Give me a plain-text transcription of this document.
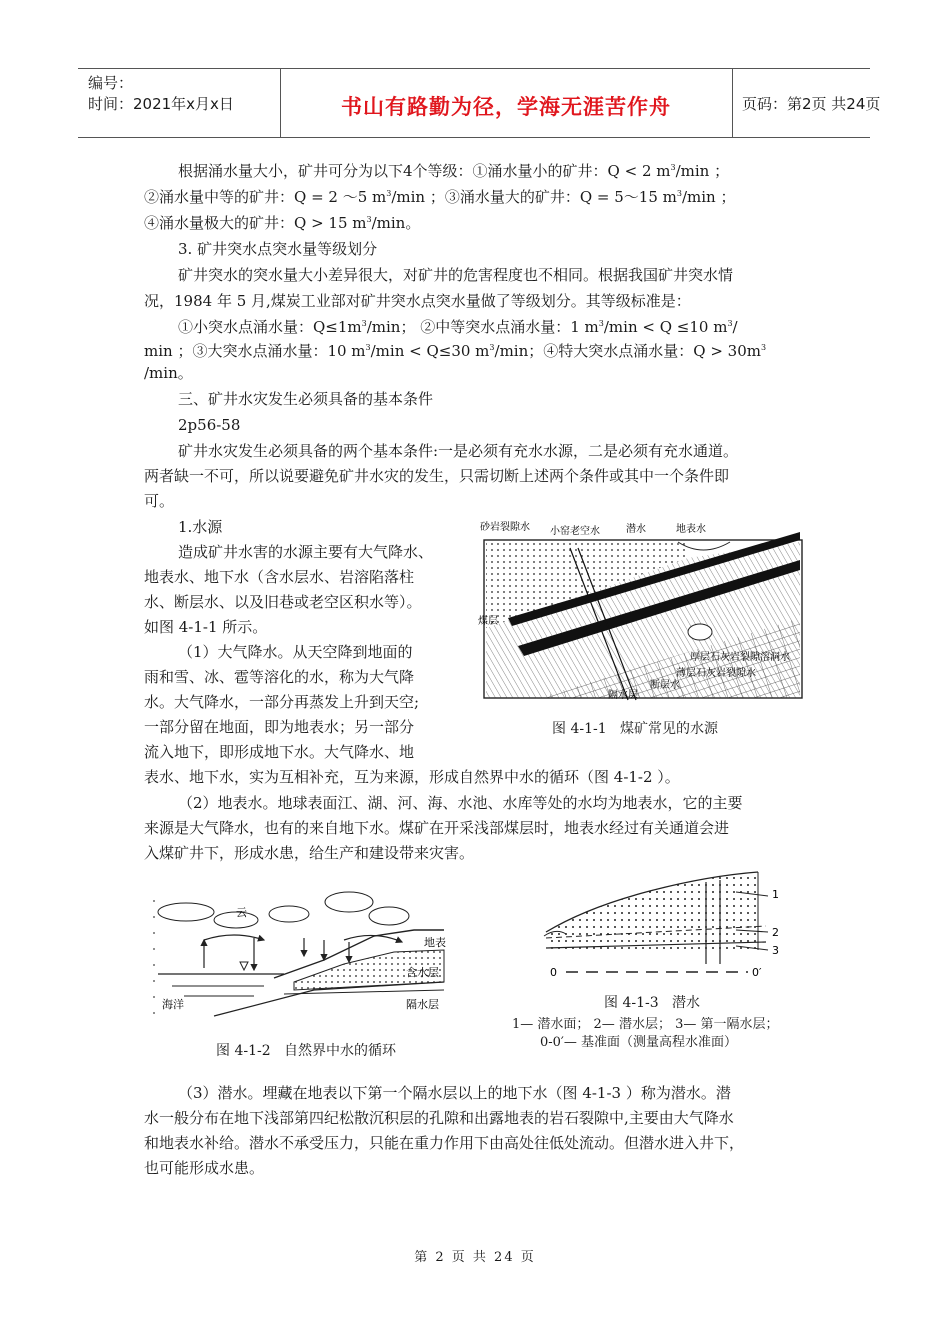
编号：
时间：2021年x月x日	书山有路勤为径，学海无涯苦作舟	页码：第2页 共24页
根据涌水量大小，矿井可分为以下4个等级：①涌水量小的矿井：Q < 2 $m^3/\min$ ；
②涌水量中等的矿井：Q = 2 ～5 $m^3/\min$ ；③涌水量大的矿井：Q = 5～15 $m^3/\min$ ；
④涌水量极大的矿井：Q > 15 $m^3/\min$。
3. 矿井突水点突水量等级划分
矿井突水的突水量大小差异很大，对矿井的危害程度也不相同。根据我国矿井突水情
况，1984 年 5 月,煤炭工业部对矿井突水点突水量做了等级划分。其等级标准是：
①小突水点涌水量：$Q\le 1m^3/\min$； ②中等突水点涌水量：1 $m^3/\min < Q \le 10$ $m^3/$
min ；③大突水点涌水量：10 $m^3/\min < Q\le 30$ $m^3/\min$；④特大突水点涌水量：$Q > 30m^3$
/min。
三、矿井水灾发生必须具备的基本条件
2p56-58
矿井水灾发生必须具备的两个基本条件:一是必须有充水水源，二是必须有充水通道。
两者缺一不可，所以说要避免矿井水灾的发生，只需切断上述两个条件或其中一个条件即
可。
1.水源
造成矿井水害的水源主要有大气降水、
地表水、地下水（含水层水、岩溶陷落柱
水、断层水、以及旧巷或老空区积水等）。
如图 4-1-1 所示。
（1）大气降水。从天空降到地面的
雨和雪、冰、雹等溶化的水，称为大气降
水。大气降水，一部分再蒸发上升到天空;
一部分留在地面，即为地表水；另一部分
流入地下，即形成地下水。大气降水、地
表水、地下水，实为互相补充，互为来源，形成自然界中水的循环（图 4-1-2 ）。
（2）地表水。地球表面江、湖、河、海、水池、水库等处的水均为地表水，它的主要
来源是大气降水，也有的来自地下水。煤矿在开采浅部煤层时，地表水经过有关通道会进
入煤矿井下，形成水患，给生产和建设带来灾害。
砂岩裂隙水 小窑老空水	潜水	地表水
煤层
厚层石灰岩裂隙溶洞水
薄层石灰岩裂隙水
断层水
隔水层
图 4-1-1 煤矿常见的水源
云
地表
含水层
海洋	隔水层
图 4-1-2 自然界中水的循环
1
2
3
0	0′
图 4-1-3 潜水
1— 潜水面； 2— 潜水层； 3— 第一隔水层；
0-0′— 基准面（测量高程水准面）
（3）潜水。埋藏在地表以下第一个隔水层以上的地下水（图 4-1-3 ）称为潜水。潜
水一般分布在地下浅部第四纪松散沉积层的孔隙和出露地表的岩石裂隙中,主要由大气降水
和地表水补给。潜水不承受压力，只能在重力作用下由高处往低处流动。但潜水进入井下，
也可能形成水患。
第 2 页 共 24 页
